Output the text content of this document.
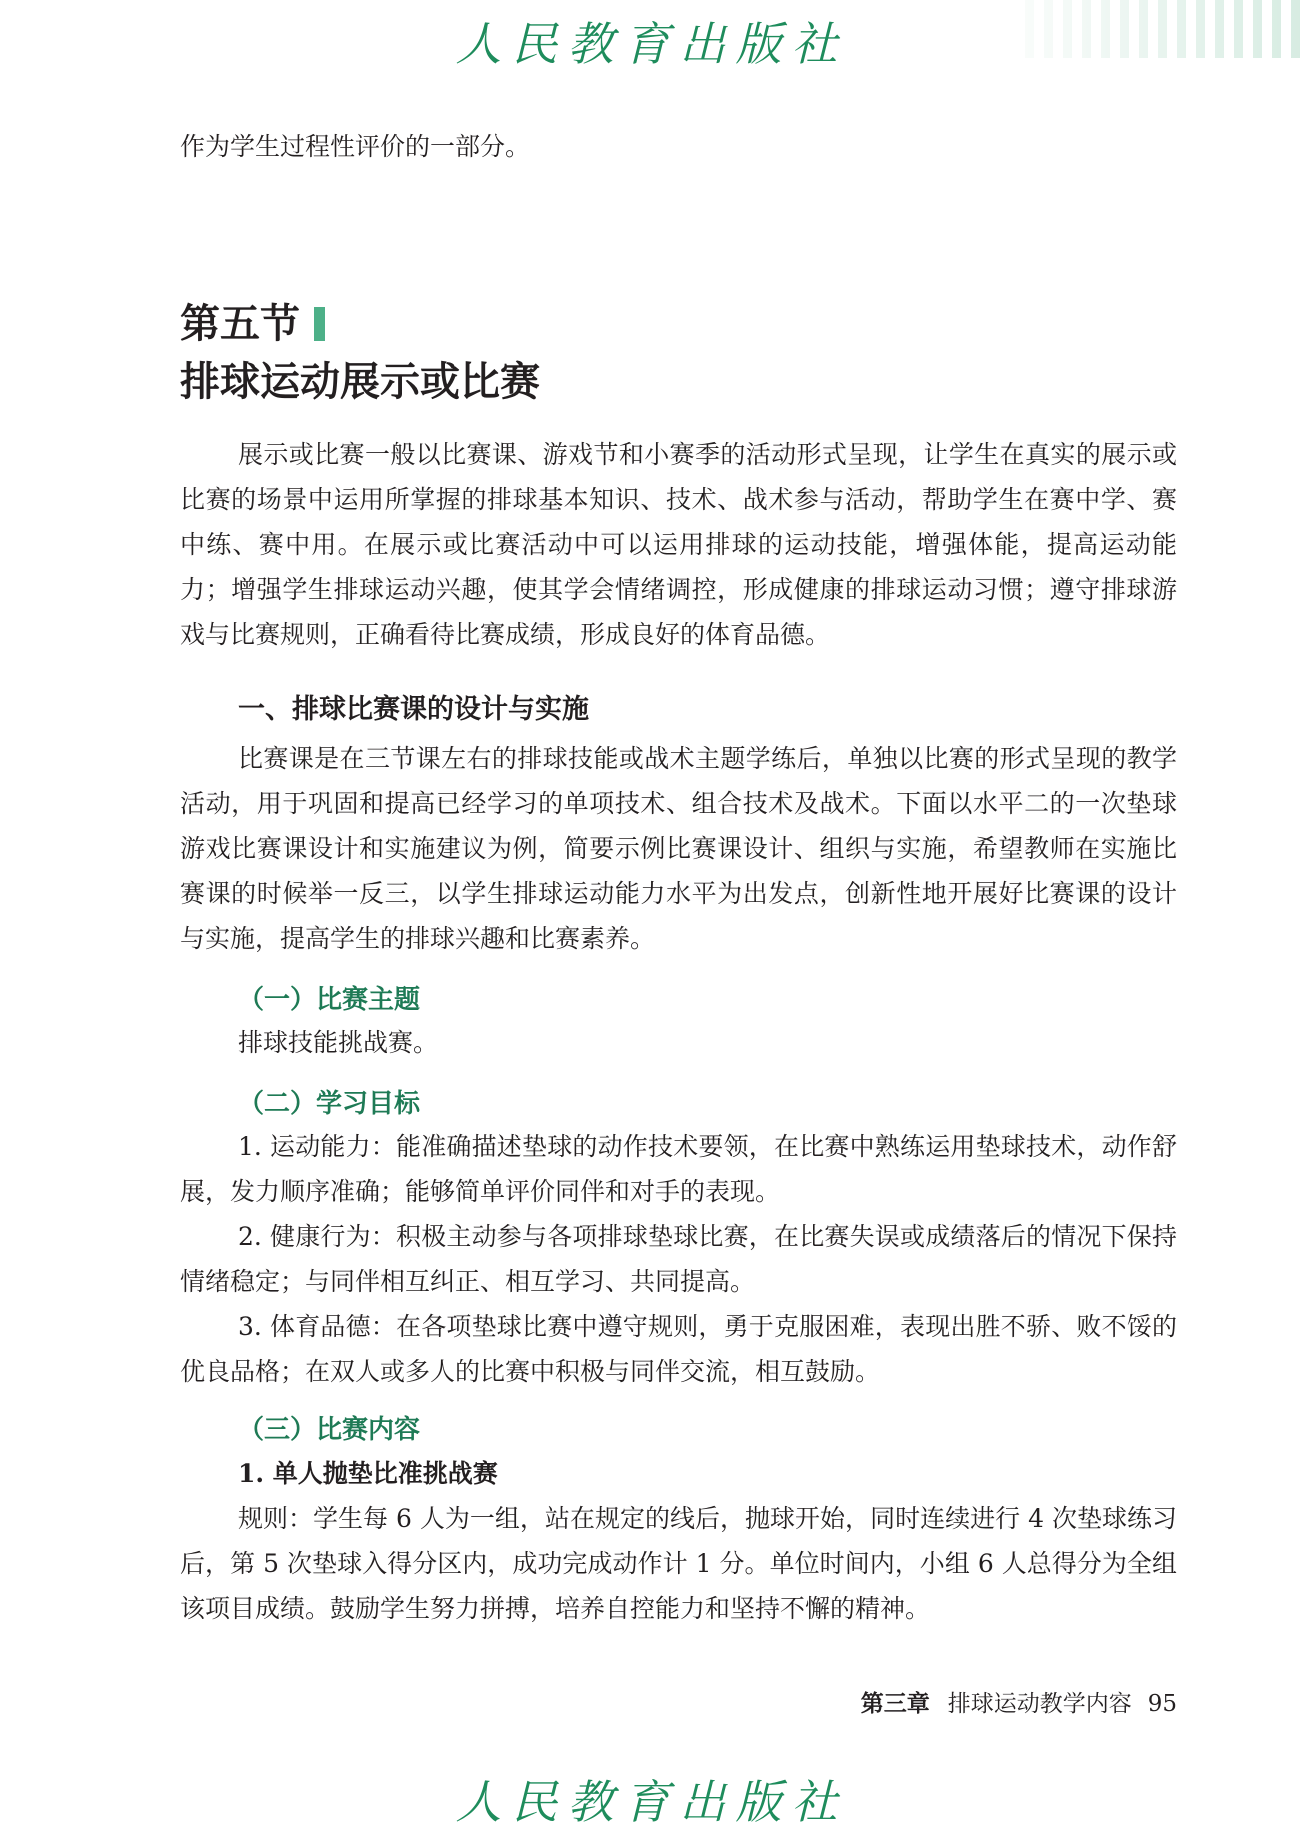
人民教育出版社

作为学生过程性评价的一部分。

第五节
排球运动展示或比赛

展示或比赛一般以比赛课、游戏节和小赛季的活动形式呈现，让学生在真实的展示或比赛的场景中运用所掌握的排球基本知识、技术、战术参与活动，帮助学生在赛中学、赛中练、赛中用。在展示或比赛活动中可以运用排球的运动技能，增强体能，提高运动能力；增强学生排球运动兴趣，使其学会情绪调控，形成健康的排球运动习惯；遵守排球游戏与比赛规则，正确看待比赛成绩，形成良好的体育品德。

一、排球比赛课的设计与实施

比赛课是在三节课左右的排球技能或战术主题学练后，单独以比赛的形式呈现的教学活动，用于巩固和提高已经学习的单项技术、组合技术及战术。下面以水平二的一次垫球游戏比赛课设计和实施建议为例，简要示例比赛课设计、组织与实施，希望教师在实施比赛课的时候举一反三，以学生排球运动能力水平为出发点，创新性地开展好比赛课的设计与实施，提高学生的排球兴趣和比赛素养。

（一）比赛主题

排球技能挑战赛。

（二）学习目标

1. 运动能力：能准确描述垫球的动作技术要领，在比赛中熟练运用垫球技术，动作舒展，发力顺序准确；能够简单评价同伴和对手的表现。

2. 健康行为：积极主动参与各项排球垫球比赛，在比赛失误或成绩落后的情况下保持情绪稳定；与同伴相互纠正、相互学习、共同提高。

3. 体育品德：在各项垫球比赛中遵守规则，勇于克服困难，表现出胜不骄、败不馁的优良品格；在双人或多人的比赛中积极与同伴交流，相互鼓励。

（三）比赛内容
1. 单人抛垫比准挑战赛

规则：学生每 6 人为一组，站在规定的线后，抛球开始，同时连续进行 4 次垫球练习后，第 5 次垫球入得分区内，成功完成动作计 1 分。单位时间内，小组 6 人总得分为全组该项目成绩。鼓励学生努力拼搏，培养自控能力和坚持不懈的精神。

第三章 排球运动教学内容 95
人民教育出版社
